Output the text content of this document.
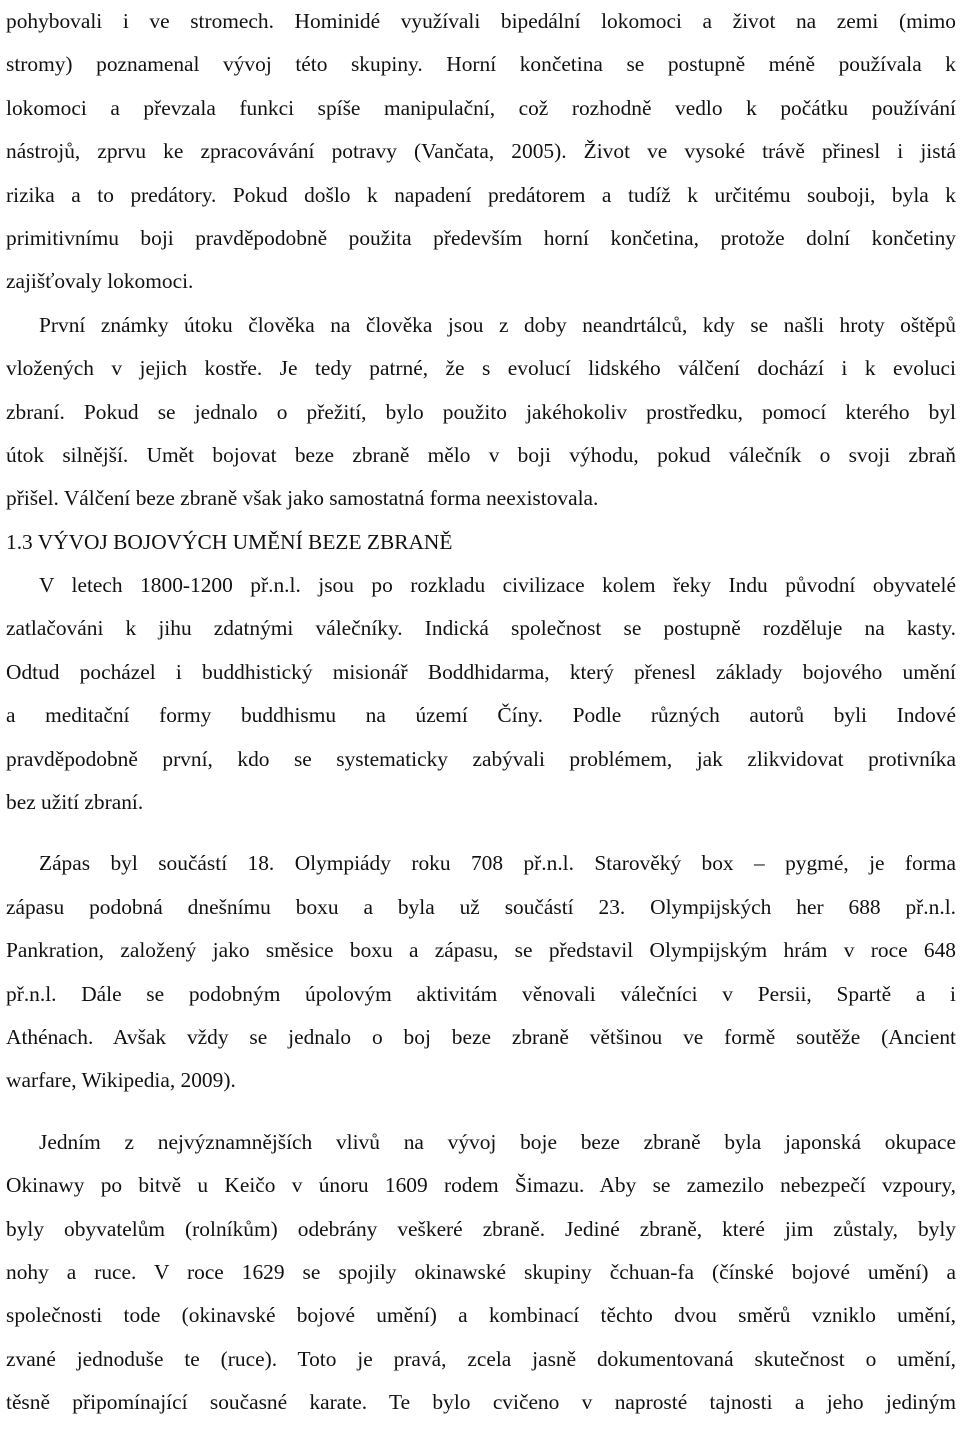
pohybovali i ve stromech. Hominidé využívali bipedální lokomoci a život na zemi (mimo
stromy) poznamenal vývoj této skupiny. Horní končetina se postupně méně používala k
lokomoci a převzala funkci spíše manipulační, což rozhodně vedlo k počátku používání
nástrojů, zprvu ke zpracovávání potravy (Vančata, 2005). Život ve vysoké trávě přinesl i jistá
rizika a to predátory. Pokud došlo k napadení predátorem a tudíž k určitému souboji, byla k
primitivnímu boji pravděpodobně použita především horní končetina, protože dolní končetiny
zajišťovaly lokomoci.
První známky útoku člověka na člověka jsou z doby neandrtálců, kdy se našli hroty oštěpů
vložených v jejich kostře. Je tedy patrné, že s evolucí lidského válčení dochází i k evoluci
zbraní. Pokud se jednalo o přežití, bylo použito jakéhokoliv prostředku, pomocí kterého byl
útok silnější. Umět bojovat beze zbraně mělo v boji výhodu, pokud válečník o svoji zbraň
přišel. Válčení beze zbraně však jako samostatná forma neexistovala.
1.3 VÝVOJ BOJOVÝCH UMĚNÍ BEZE ZBRANĚ
V letech 1800-1200 př.n.l. jsou po rozkladu civilizace kolem řeky Indu původní obyvatelé
zatlačováni k jihu zdatnými válečníky. Indická společnost se postupně rozděluje na kasty.
Odtud pocházel i buddhistický misionář Boddhidarma, který přenesl základy bojového umění
a meditační formy buddhismu na území Číny. Podle různých autorů byli Indové
pravděpodobně první, kdo se systematicky zabývali problémem, jak zlikvidovat protivníka
bez užití zbraní.
Zápas byl součástí 18. Olympiády roku 708 př.n.l. Starověký box – pygmé, je forma
zápasu podobná dnešnímu boxu a byla už součástí 23. Olympijských her 688 př.n.l.
Pankration, založený jako směsice boxu a zápasu, se představil Olympijským hrám v roce 648
př.n.l. Dále se podobným úpolovým aktivitám věnovali válečníci v Persii, Spartě a i
Athénach. Avšak vždy se jednalo o boj beze zbraně většinou ve formě soutěže (Ancient
warfare, Wikipedia, 2009).
Jedním z nejvýznamnějších vlivů na vývoj boje beze zbraně byla japonská okupace
Okinawy po bitvě u Keičo v únoru 1609 rodem Šimazu. Aby se zamezilo nebezpečí vzpoury,
byly obyvatelům (rolníkům) odebrány veškeré zbraně. Jediné zbraně, které jim zůstaly, byly
nohy a ruce. V roce 1629 se spojily okinawské skupiny čchuan-fa (čínské bojové umění) a
společnosti tode (okinavské bojové umění) a kombinací těchto dvou směrů vzniklo umění,
zvané jednoduše te (ruce). Toto je pravá, zcela jasně dokumentovaná skutečnost o umění,
těsně připomínající současné karate. Te bylo cvičeno v naprosté tajnosti a jeho jediným
